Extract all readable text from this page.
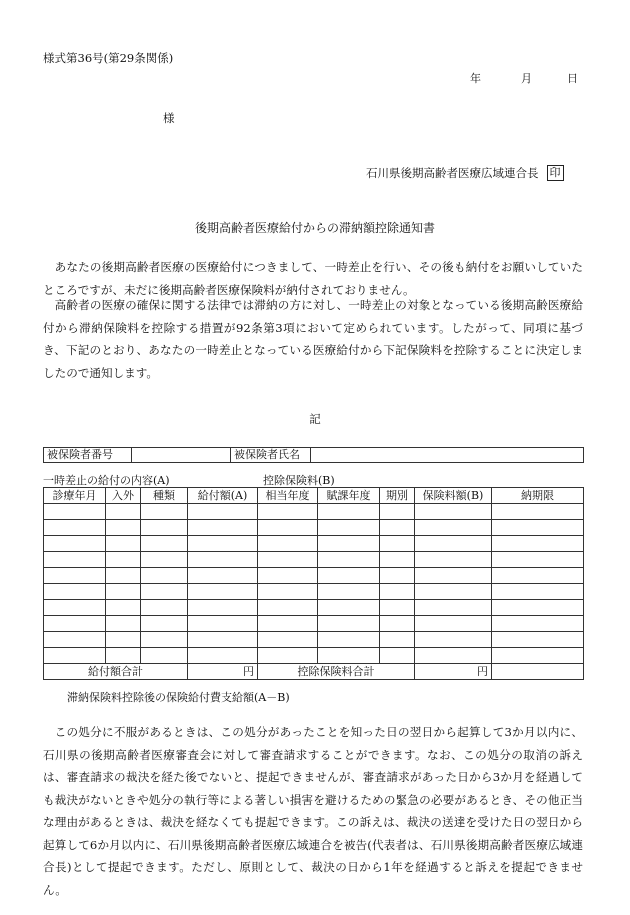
様式第36号(第29条関係)
年	月	日
様
石川県後期高齢者医療広域連合長 印
後期高齢者医療給付からの滞納額控除通知書

あなたの後期高齢者医療の医療給付につきまして、一時差止を行い、その後も納付をお願いしていたところですが、未だに後期高齢者医療保険料が納付されておりません。

高齢者の医療の確保に関する法律では滞納の方に対し、一時差止の対象となっている後期高齢医療給付から滞納保険料を控除する措置が92条第3項において定められています。したがって、同項に基づき、下記のとおり、あなたの一時差止となっている医療給付から下記保険料を控除することに決定しましたので通知します。

記
被保険者番号		被保険者氏名	
一時差止の給付の内容(A)	控除保険料(B)
診療年月	入外	種類	給付額(A)	相当年度	賦課年度	期別	保険料額(B)	納期限

給付額合計			円	控除保険料合計			円	
滞納保険料控除後の保険給付費支給額(A－B)

この処分に不服があるときは、この処分があったことを知った日の翌日から起算して3か月以内に、石川県の後期高齢者医療審査会に対して審査請求することができます。なお、この処分の取消の訴えは、審査請求の裁決を経た後でないと、提起できませんが、審査請求があった日から3か月を経過しても裁決がないときや処分の執行等による著しい損害を避けるための緊急の必要があるとき、その他正当な理由があるときは、裁決を経なくても提起できます。この訴えは、裁決の送達を受けた日の翌日から起算して6か月以内に、石川県後期高齢者医療広域連合を被告(代表者は、石川県後期高齢者医療広域連合長)として提起できます。ただし、原則として、裁決の日から1年を経過すると訴えを提起できません。
